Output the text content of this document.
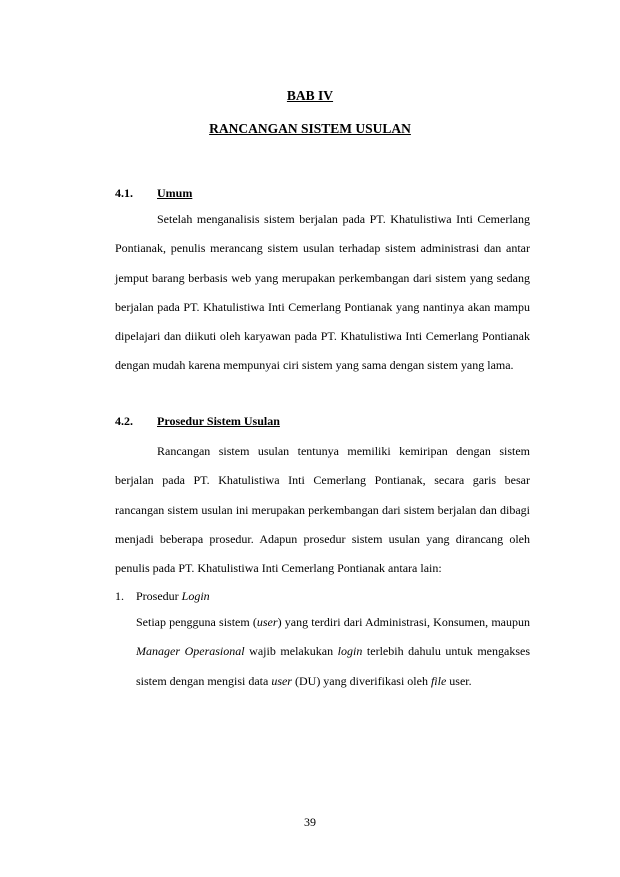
BAB IV
RANCANGAN SISTEM USULAN
4.1. Umum

Setelah menganalisis sistem berjalan pada PT. Khatulistiwa Inti Cemerlang Pontianak, penulis merancang sistem usulan terhadap sistem administrasi dan antar jemput barang berbasis web yang merupakan perkembangan dari sistem yang sedang berjalan pada PT. Khatulistiwa Inti Cemerlang Pontianak yang nantinya akan mampu dipelajari dan diikuti oleh karyawan pada PT. Khatulistiwa Inti Cemerlang Pontianak dengan mudah karena mempunyai ciri sistem yang sama dengan sistem yang lama.

4.2. Prosedur Sistem Usulan

Rancangan sistem usulan tentunya memiliki kemiripan dengan sistem berjalan pada PT. Khatulistiwa Inti Cemerlang Pontianak, secara garis besar rancangan sistem usulan ini merupakan perkembangan dari sistem berjalan dan dibagi menjadi beberapa prosedur. Adapun prosedur sistem usulan yang dirancang oleh penulis pada PT. Khatulistiwa Inti Cemerlang Pontianak antara lain:

1. Prosedur Login

Setiap pengguna sistem (user) yang terdiri dari Administrasi, Konsumen, maupun Manager Operasional wajib melakukan login terlebih dahulu untuk mengakses sistem dengan mengisi data user (DU) yang diverifikasi oleh file user.

39
